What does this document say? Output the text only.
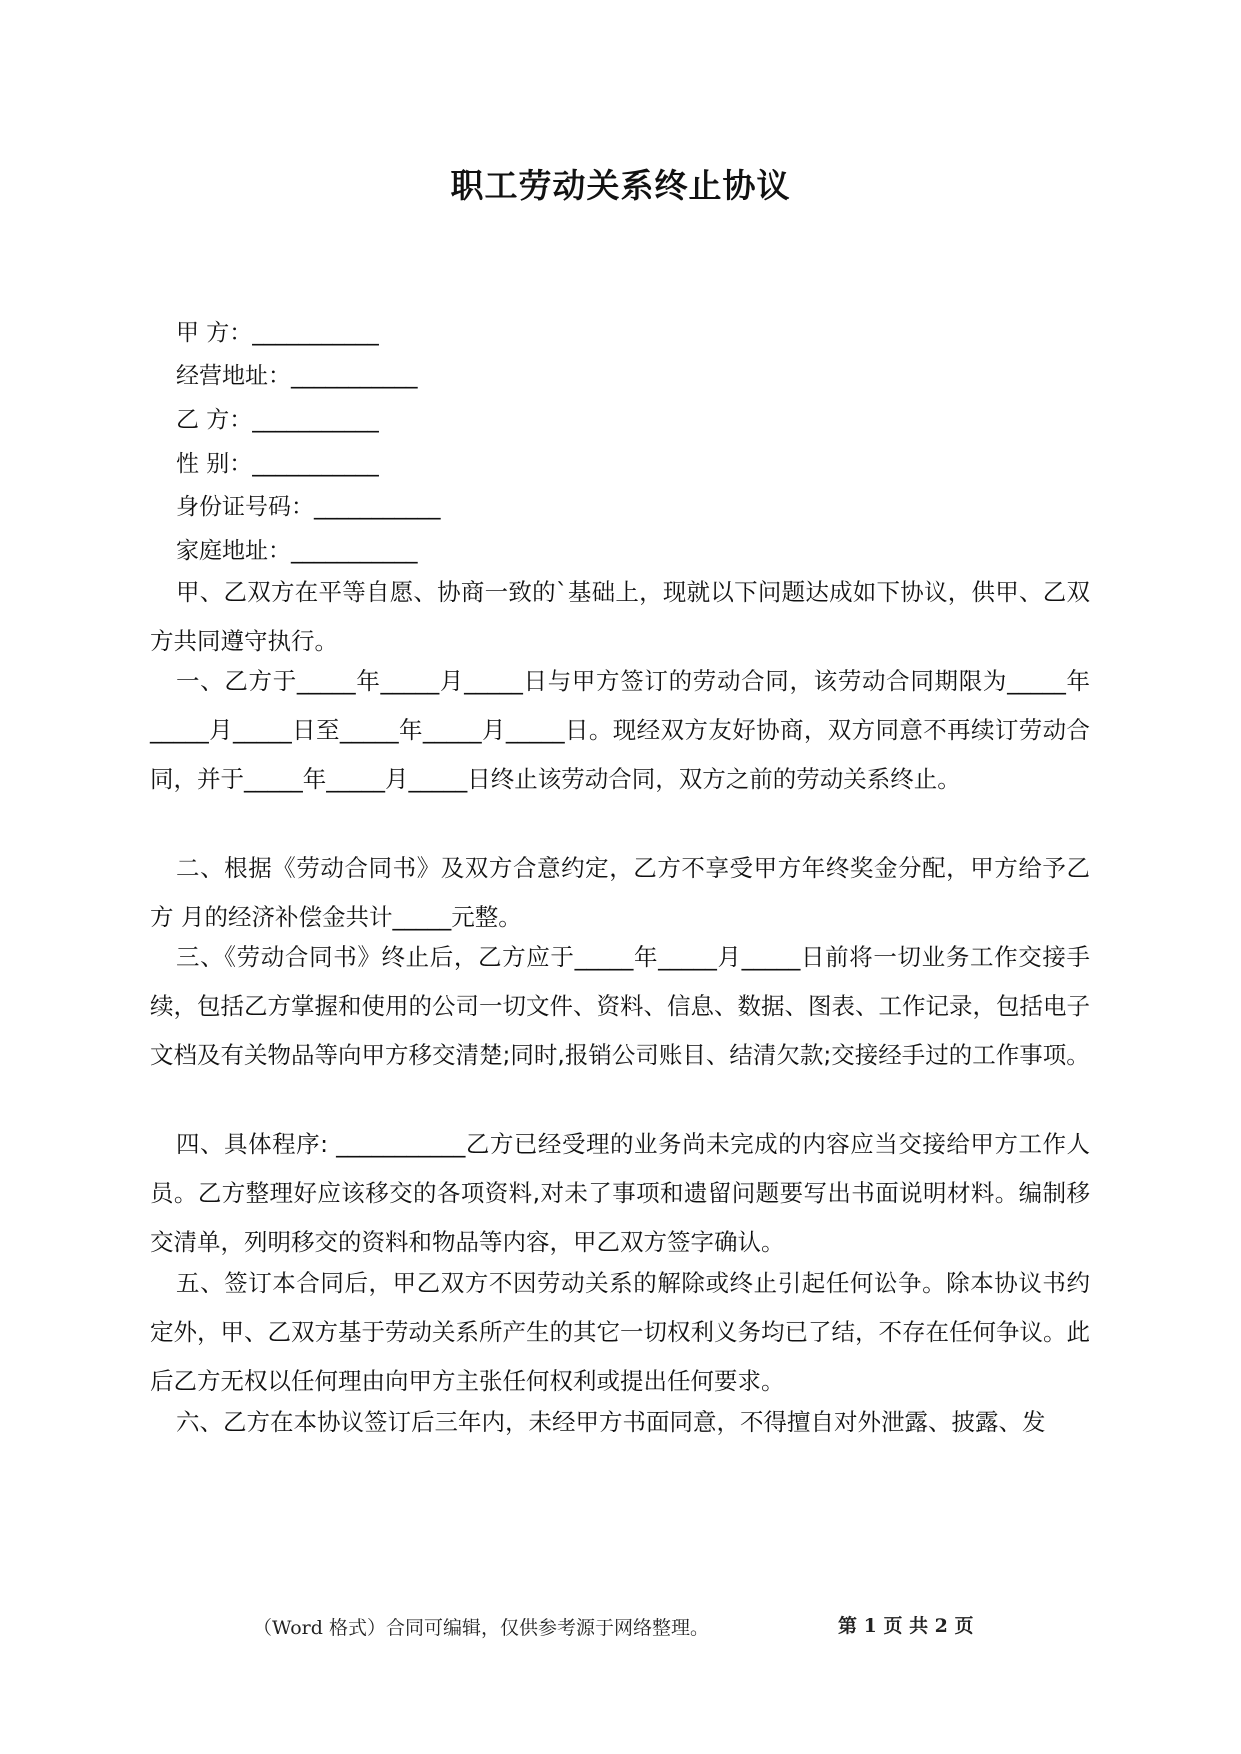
职工劳动关系终止协议
甲 方：___________
经营地址：___________
乙 方：___________
性 别：___________
身份证号码：___________
家庭地址：___________
甲、乙双方在平等自愿、协商一致的`基础上，现就以下问题达成如下协议，供甲、乙双方共同遵守执行。
一、乙方于_____年_____月_____日与甲方签订的劳动合同，该劳动合同期限为_____年_____月_____日至_____年_____月_____日。现经双方友好协商，双方同意不再续订劳动合同，并于_____年_____月_____日终止该劳动合同，双方之前的劳动关系终止。
二、根据《劳动合同书》及双方合意约定，乙方不享受甲方年终奖金分配，甲方给予乙方 月的经济补偿金共计_____元整。
三、《劳动合同书》终止后，乙方应于_____年_____月_____日前将一切业务工作交接手续，包括乙方掌握和使用的公司一切文件、资料、信息、数据、图表、工作记录，包括电子文档及有关物品等向甲方移交清楚;同时,报销公司账目、结清欠款;交接经手过的工作事项。
四、具体程序: ___________乙方已经受理的业务尚未完成的内容应当交接给甲方工作人员。乙方整理好应该移交的各项资料,对未了事项和遗留问题要写出书面说明材料。编制移交清单，列明移交的资料和物品等内容，甲乙双方签字确认。
五、签订本合同后，甲乙双方不因劳动关系的解除或终止引起任何讼争。除本协议书约定外，甲、乙双方基于劳动关系所产生的其它一切权利义务均已了结，不存在任何争议。此后乙方无权以任何理由向甲方主张任何权利或提出任何要求。
六、乙方在本协议签订后三年内，未经甲方书面同意，不得擅自对外泄露、披露、发
（Word 格式）合同可编辑，仅供参考源于网络整理。	第 1 页 共 2 页
